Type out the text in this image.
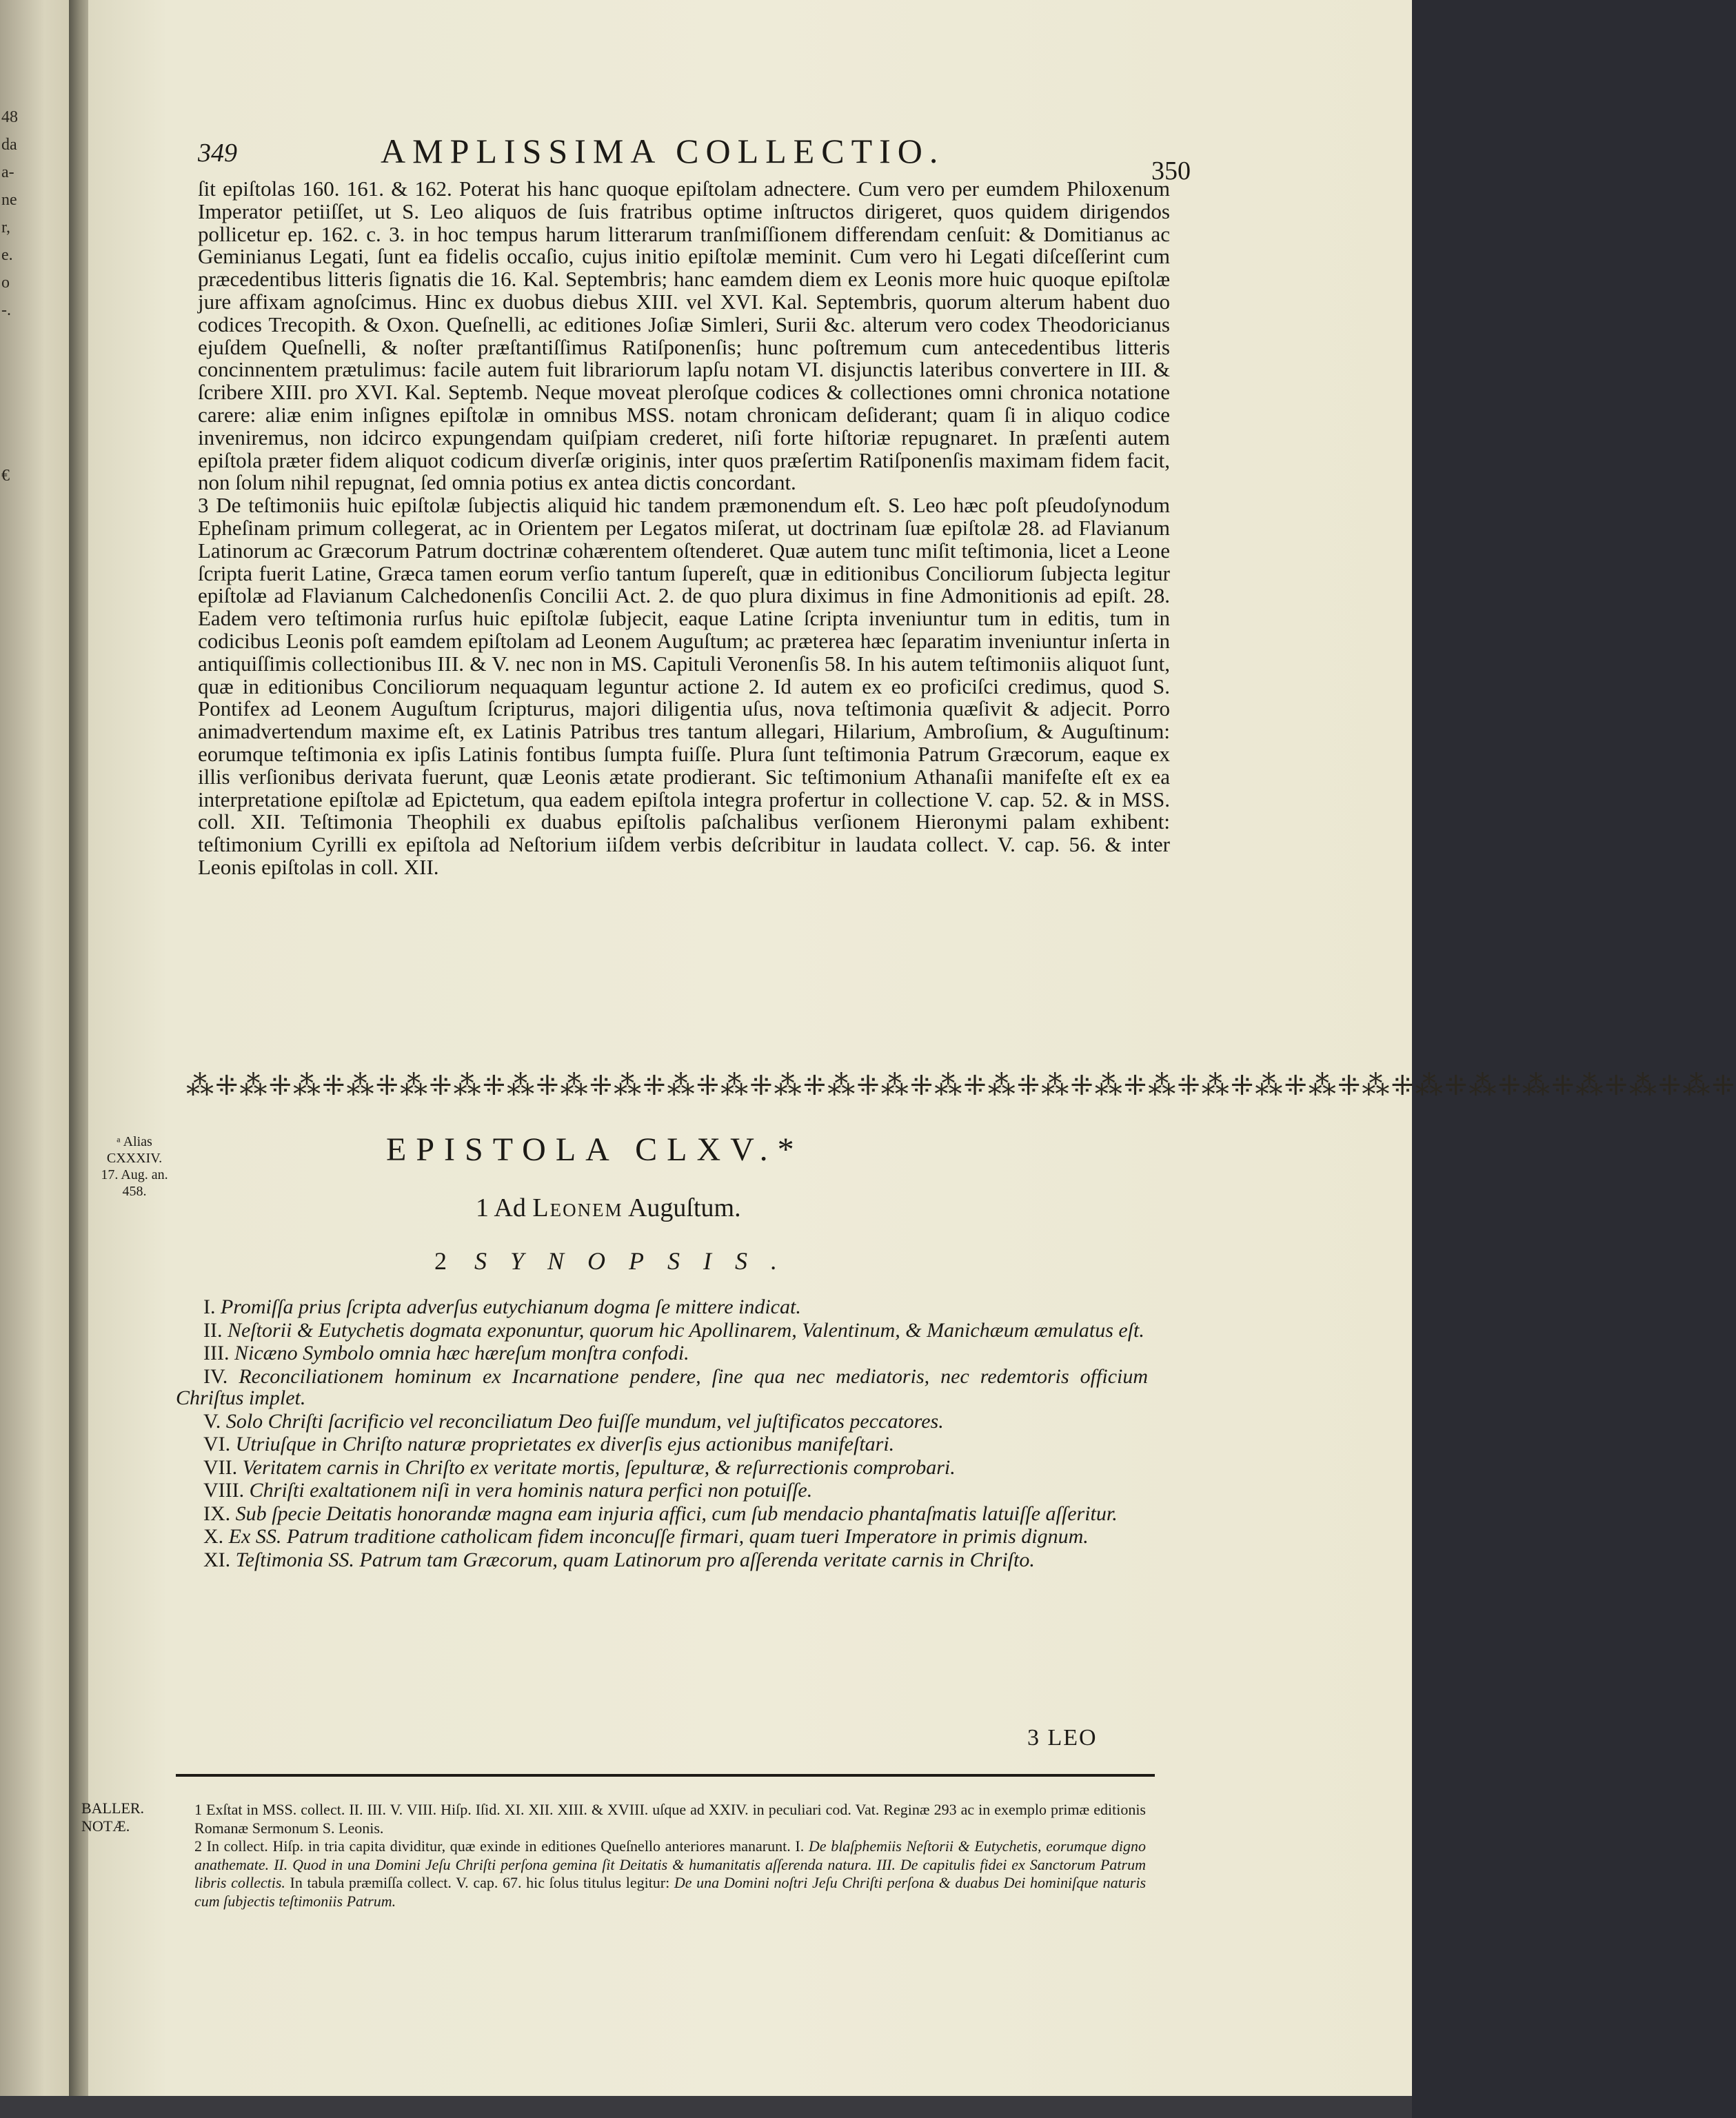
48
da
a-
ne
r,
e.
o
-.
€
349	AMPLISSIMA COLLECTIO.
350

ſit epiſtolas 160. 161. & 162. Poterat his hanc quoque epiſtolam adnectere. Cum vero per eumdem Philoxenum Imperator petiiſſet, ut S. Leo aliquos de ſuis fratribus optime inſtructos dirigeret, quos quidem dirigendos pollicetur ep. 162. c. 3. in hoc tempus harum litterarum tranſmiſſionem differendam cenſuit: & Domitianus ac Geminianus Legati, ſunt ea fidelis occaſio, cujus initio epiſtolæ meminit. Cum vero hi Legati diſceſſerint cum præcedentibus litteris ſignatis die 16. Kal. Septembris; hanc eamdem diem ex Leonis more huic quoque epiſtolæ jure affixam agnoſcimus. Hinc ex duobus diebus XIII. vel XVI. Kal. Septembris, quorum alterum habent duo codices Trecopith. & Oxon. Queſnelli, ac editiones Joſiæ Simleri, Surii &c. alterum vero codex Theodoricianus ejuſdem Queſnelli, & noſter præſtantiſſimus Ratiſponenſis; hunc poſtremum cum antecedentibus litteris concinnentem prætulimus: facile autem fuit librariorum lapſu notam VI. disjunctis lateribus convertere in III. & ſcribere XIII. pro XVI. Kal. Septemb. Neque moveat pleroſque codices & collectiones omni chronica notatione carere: aliæ enim inſignes epiſtolæ in omnibus MSS. notam chronicam deſiderant; quam ſi in aliquo codice inveniremus, non idcirco expungendam quiſpiam crederet, niſi forte hiſtoriæ repugnaret. In præſenti autem epiſtola præter fidem aliquot codicum diverſæ originis, inter quos præſertim Ratiſponenſis maximam fidem facit, non ſolum nihil repugnat, ſed omnia potius ex antea dictis concordant.

3 De teſtimoniis huic epiſtolæ ſubjectis aliquid hic tandem præmonendum eſt. S. Leo hæc poſt pſeudoſynodum Epheſinam primum collegerat, ac in Orientem per Legatos miſerat, ut doctrinam ſuæ epiſtolæ 28. ad Flavianum Latinorum ac Græcorum Patrum doctrinæ cohærentem oſtenderet. Quæ autem tunc miſit teſtimonia, licet a Leone ſcripta fuerit Latine, Græca tamen eorum verſio tantum ſupereſt, quæ in editionibus Conciliorum ſubjecta legitur epiſtolæ ad Flavianum Calchedonenſis Concilii Act. 2. de quo plura diximus in fine Admonitionis ad epiſt. 28. Eadem vero teſtimonia rurſus huic epiſtolæ ſubjecit, eaque Latine ſcripta inveniuntur tum in editis, tum in codicibus Leonis poſt eamdem epiſtolam ad Leonem Auguſtum; ac præterea hæc ſeparatim inveniuntur inſerta in antiquiſſimis collectionibus III. & V. nec non in MS. Capituli Veronenſis 58. In his autem teſtimoniis aliquot ſunt, quæ in editionibus Conciliorum nequaquam leguntur actione 2. Id autem ex eo proficiſci credimus, quod S. Pontifex ad Leonem Auguſtum ſcripturus, majori diligentia uſus, nova teſtimonia quæſivit & adjecit. Porro animadvertendum maxime eſt, ex Latinis Patribus tres tantum allegari, Hilarium, Ambroſium, & Auguſtinum: eorumque teſtimonia ex ipſis Latinis fontibus ſumpta fuiſſe. Plura ſunt teſtimonia Patrum Græcorum, eaque ex illis verſionibus derivata fuerunt, quæ Leonis ætate prodierant. Sic teſtimonium Athanaſii manifeſte eſt ex ea interpretatione epiſtolæ ad Epictetum, qua eadem epiſtola integra profertur in collectione V. cap. 52. & in MSS. coll. XII. Teſtimonia Theophili ex duabus epiſtolis paſchalibus verſionem Hieronymi palam exhibent: teſtimonium Cyrilli ex epiſtola ad Neſtorium iiſdem verbis deſcribitur in laudata collect. V. cap. 56. & inter Leonis epiſtolas in coll. XII.

⁂⁜⁂⁜⁂⁜⁂⁜⁂⁜⁂⁜⁂⁜⁂⁜⁂⁜⁂⁜⁂⁜⁂⁜⁂⁜⁂⁜⁂⁜⁂⁜⁂⁜⁂⁜⁂⁜⁂⁜⁂⁜⁂⁜⁂⁜⁂⁜⁂⁜⁂⁜⁂⁜⁂⁜⁂⁜
ᵃ Alias
CXXXIV.
17. Aug. an.
458.
EPISTOLA CLXV.*
1 Ad Leonem Auguſtum.
2 SYNOPSIS.

I. Promiſſa prius ſcripta adverſus eutychianum dogma ſe mittere indicat.

II. Neſtorii & Eutychetis dogmata exponuntur, quorum hic Apollinarem, Valentinum, & Manichæum æmulatus eſt.

III. Nicæno Symbolo omnia hæc hæreſum monſtra confodi.

IV. Reconciliationem hominum ex Incarnatione pendere, ſine qua nec mediatoris, nec redemtoris officium Chriſtus implet.

V. Solo Chriſti ſacrificio vel reconciliatum Deo fuiſſe mundum, vel juſtificatos peccatores.

VI. Utriuſque in Chriſto naturæ proprietates ex diverſis ejus actionibus manifeſtari.

VII. Veritatem carnis in Chriſto ex veritate mortis, ſepulturæ, & reſurrectionis comprobari.

VIII. Chriſti exaltationem niſi in vera hominis natura perfici non potuiſſe.

IX. Sub ſpecie Deitatis honorandæ magna eam injuria affici, cum ſub mendacio phantaſmatis latuiſſe aſſeritur.

X. Ex SS. Patrum traditione catholicam fidem inconcuſſe firmari, quam tueri Imperatore in primis dignum.

XI. Teſtimonia SS. Patrum tam Græcorum, quam Latinorum pro aſſerenda veritate carnis in Chriſto.

3 LEO
BALLER.
NOTÆ.

1 Exſtat in MSS. collect. II. III. V. VIII. Hiſp. Iſid. XI. XII. XIII. & XVIII. uſque ad XXIV. in peculiari cod. Vat. Reginæ 293 ac in exemplo primæ editionis Romanæ Sermonum S. Leonis.

2 In collect. Hiſp. in tria capita dividitur, quæ exinde in editiones Queſnello anteriores manarunt. I. De blaſphemiis Neſtorii & Eutychetis, eorumque digno anathemate. II. Quod in una Domini Jeſu Chriſti perſona gemina ſit Deitatis & humanitatis aſſerenda natura. III. De capitulis fidei ex Sanctorum Patrum libris collectis. In tabula præmiſſa collect. V. cap. 67. hic ſolus titulus legitur: De una Domini noſtri Jeſu Chriſti perſona & duabus Dei hominiſque naturis cum ſubjectis teſtimoniis Patrum.
